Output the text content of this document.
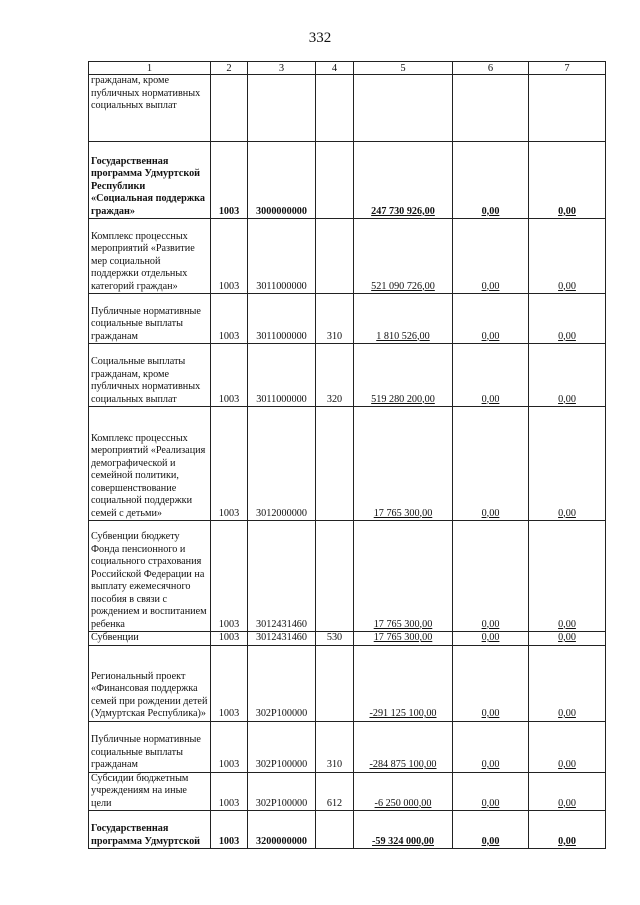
332
1	2	3	4	5	6	7
гражданам, кроме публичных нормативных социальных выплат						
Государственная программа Удмуртской Республики «Социальная поддержка граждан»	1003	3000000000		247 730 926,00	0,00	0,00
Комплекс процессных мероприятий «Развитие мер социальной поддержки отдельных категорий граждан»	1003	3011000000		521 090 726,00	0,00	0,00
Публичные нормативные социальные выплаты гражданам	1003	3011000000	310	1 810 526,00	0,00	0,00
Социальные выплаты гражданам, кроме публичных нормативных социальных выплат	1003	3011000000	320	519 280 200,00	0,00	0,00
Комплекс процессных мероприятий «Реализация демографической и семейной политики, совершенствование социальной поддержки семей с детьми»	1003	3012000000		17 765 300,00	0,00	0,00
Субвенции бюджету Фонда пенсионного и социального страхования Российской Федерации на выплату ежемесячного пособия в связи с рождением и воспитанием ребенка	1003	3012431460		17 765 300,00	0,00	0,00
Субвенции	1003	3012431460	530	17 765 300,00	0,00	0,00
Региональный проект «Финансовая поддержка семей при рождении детей (Удмуртская Республика)»	1003	302P100000		-291 125 100,00	0,00	0,00
Публичные нормативные социальные выплаты гражданам	1003	302P100000	310	-284 875 100,00	0,00	0,00
Субсидии бюджетным учреждениям на иные цели	1003	302P100000	612	-6 250 000,00	0,00	0,00
Государственная программа Удмуртской	1003	3200000000		-59 324 000,00	0,00	0,00
